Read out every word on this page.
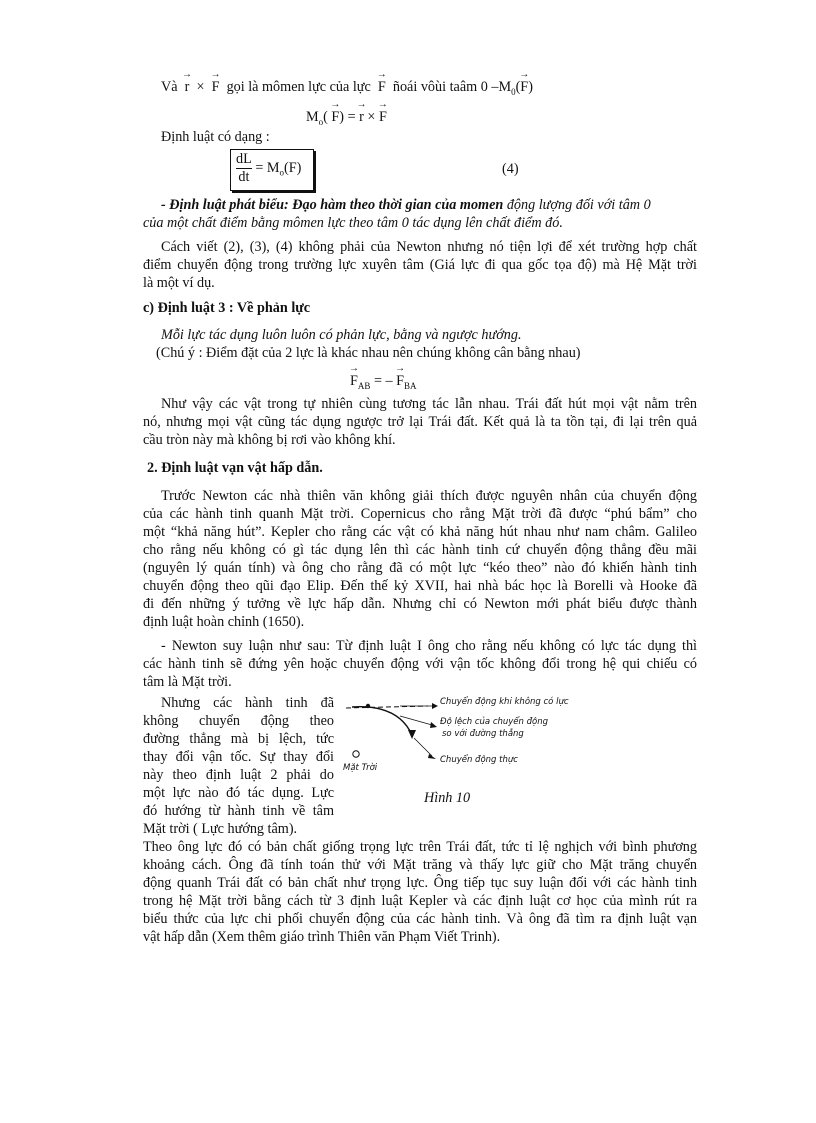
Và → r × → F gọi là mômen lực của lực → F ñoái vôùi taâm 0 $-M_0(\to F)$
$M_o( \to F)$ = → r × → F
Định luật có dạng :
$\frac{dL}{dt} = M_o(F)$	(4)
- Định luật phát biểu: Đạo hàm theo thời gian của momen động lượng đối với tâm 0
của một chất điểm bằng mômen lực theo tâm 0 tác dụng lên chất điểm đó.
Cách viết (2), (3), (4) không phải của Newton nhưng nó tiện lợi để xét trường hợp chất
điểm chuyển động trong trường lực xuyên tâm (Giá lực đi qua gốc tọa độ) mà Hệ Mặt trời
là một ví dụ.
c) Định luật 3 : Về phản lực
Mỗi lực tác dụng luôn luôn có phản lực, bằng và ngược hướng.
(Chú ý : Điểm đặt của 2 lực là khác nhau nên chúng không cân bằng nhau)
→ $F_{AB}$ = – → $F_{BA}$
Như vậy các vật trong tự nhiên cùng tương tác lẫn nhau. Trái đất hút mọi vật nằm trên
nó, nhưng mọi vật cũng tác dụng ngược trở lại Trái đất. Kết quả là ta tồn tại, đi lại trên quả
cầu tròn này mà không bị rơi vào không khí.
2. Định luật vạn vật hấp dẫn.
Trước Newton các nhà thiên văn không giải thích được nguyên nhân của chuyển động
của các hành tinh quanh Mặt trời. Copernicus cho rằng Mặt trời đã được “phú bẩm” cho
một “khả năng hút”. Kepler cho rằng các vật có khả năng hút nhau như nam châm. Galileo
cho rằng nếu không có gì tác dụng lên thì các hành tinh cứ chuyển động thẳng đều mãi
(nguyên lý quán tính) và ông cho rằng đã có một lực “kéo theo” nào đó khiến hành tinh
chuyển động theo qũi đạo Elip. Đến thế kỷ XVII, hai nhà bác học là Borelli và Hooke đã
đi đến những ý tưởng về lực hấp dẫn. Nhưng chỉ có Newton mới phát biểu được thành
định luật hoàn chỉnh (1650).
- Newton suy luận như sau: Từ định luật I ông cho rằng nếu không có lực tác dụng thì
các hành tinh sẽ đứng yên hoặc chuyển động với vận tốc không đổi trong hệ qui chiếu có
tâm là Mặt trời.
Nhưng các hành tinh đã
không chuyển động theo
đường thẳng mà bị lệch, tức
thay đổi vận tốc. Sự thay đổi
này theo định luật 2 phải do
một lực nào đó tác dụng. Lực
đó hướng từ hành tinh về tâm
Mặt trời ( Lực hướng tâm).
Chuyển động khi không có lực
Độ lệch của chuyển động
so với đường thẳng
Chuyển động thực
Mặt Trời
Hình 10
Theo ông lực đó có bản chất giống trọng lực trên Trái đất, tức tỉ lệ nghịch với bình phương
khoảng cách. Ông đã tính toán thử với Mặt trăng và thấy lực giữ cho Mặt trăng chuyển
động quanh Trái đất có bản chất như trọng lực. Ông tiếp tục suy luận đối với các hành tinh
trong hệ Mặt trời bằng cách từ 3 định luật Kepler và các định luật cơ học của mình rút ra
biểu thức của lực chi phối chuyển động của các hành tinh. Và ông đã tìm ra định luật vạn
vật hấp dẫn (Xem thêm giáo trình Thiên văn Phạm Viết Trinh).
